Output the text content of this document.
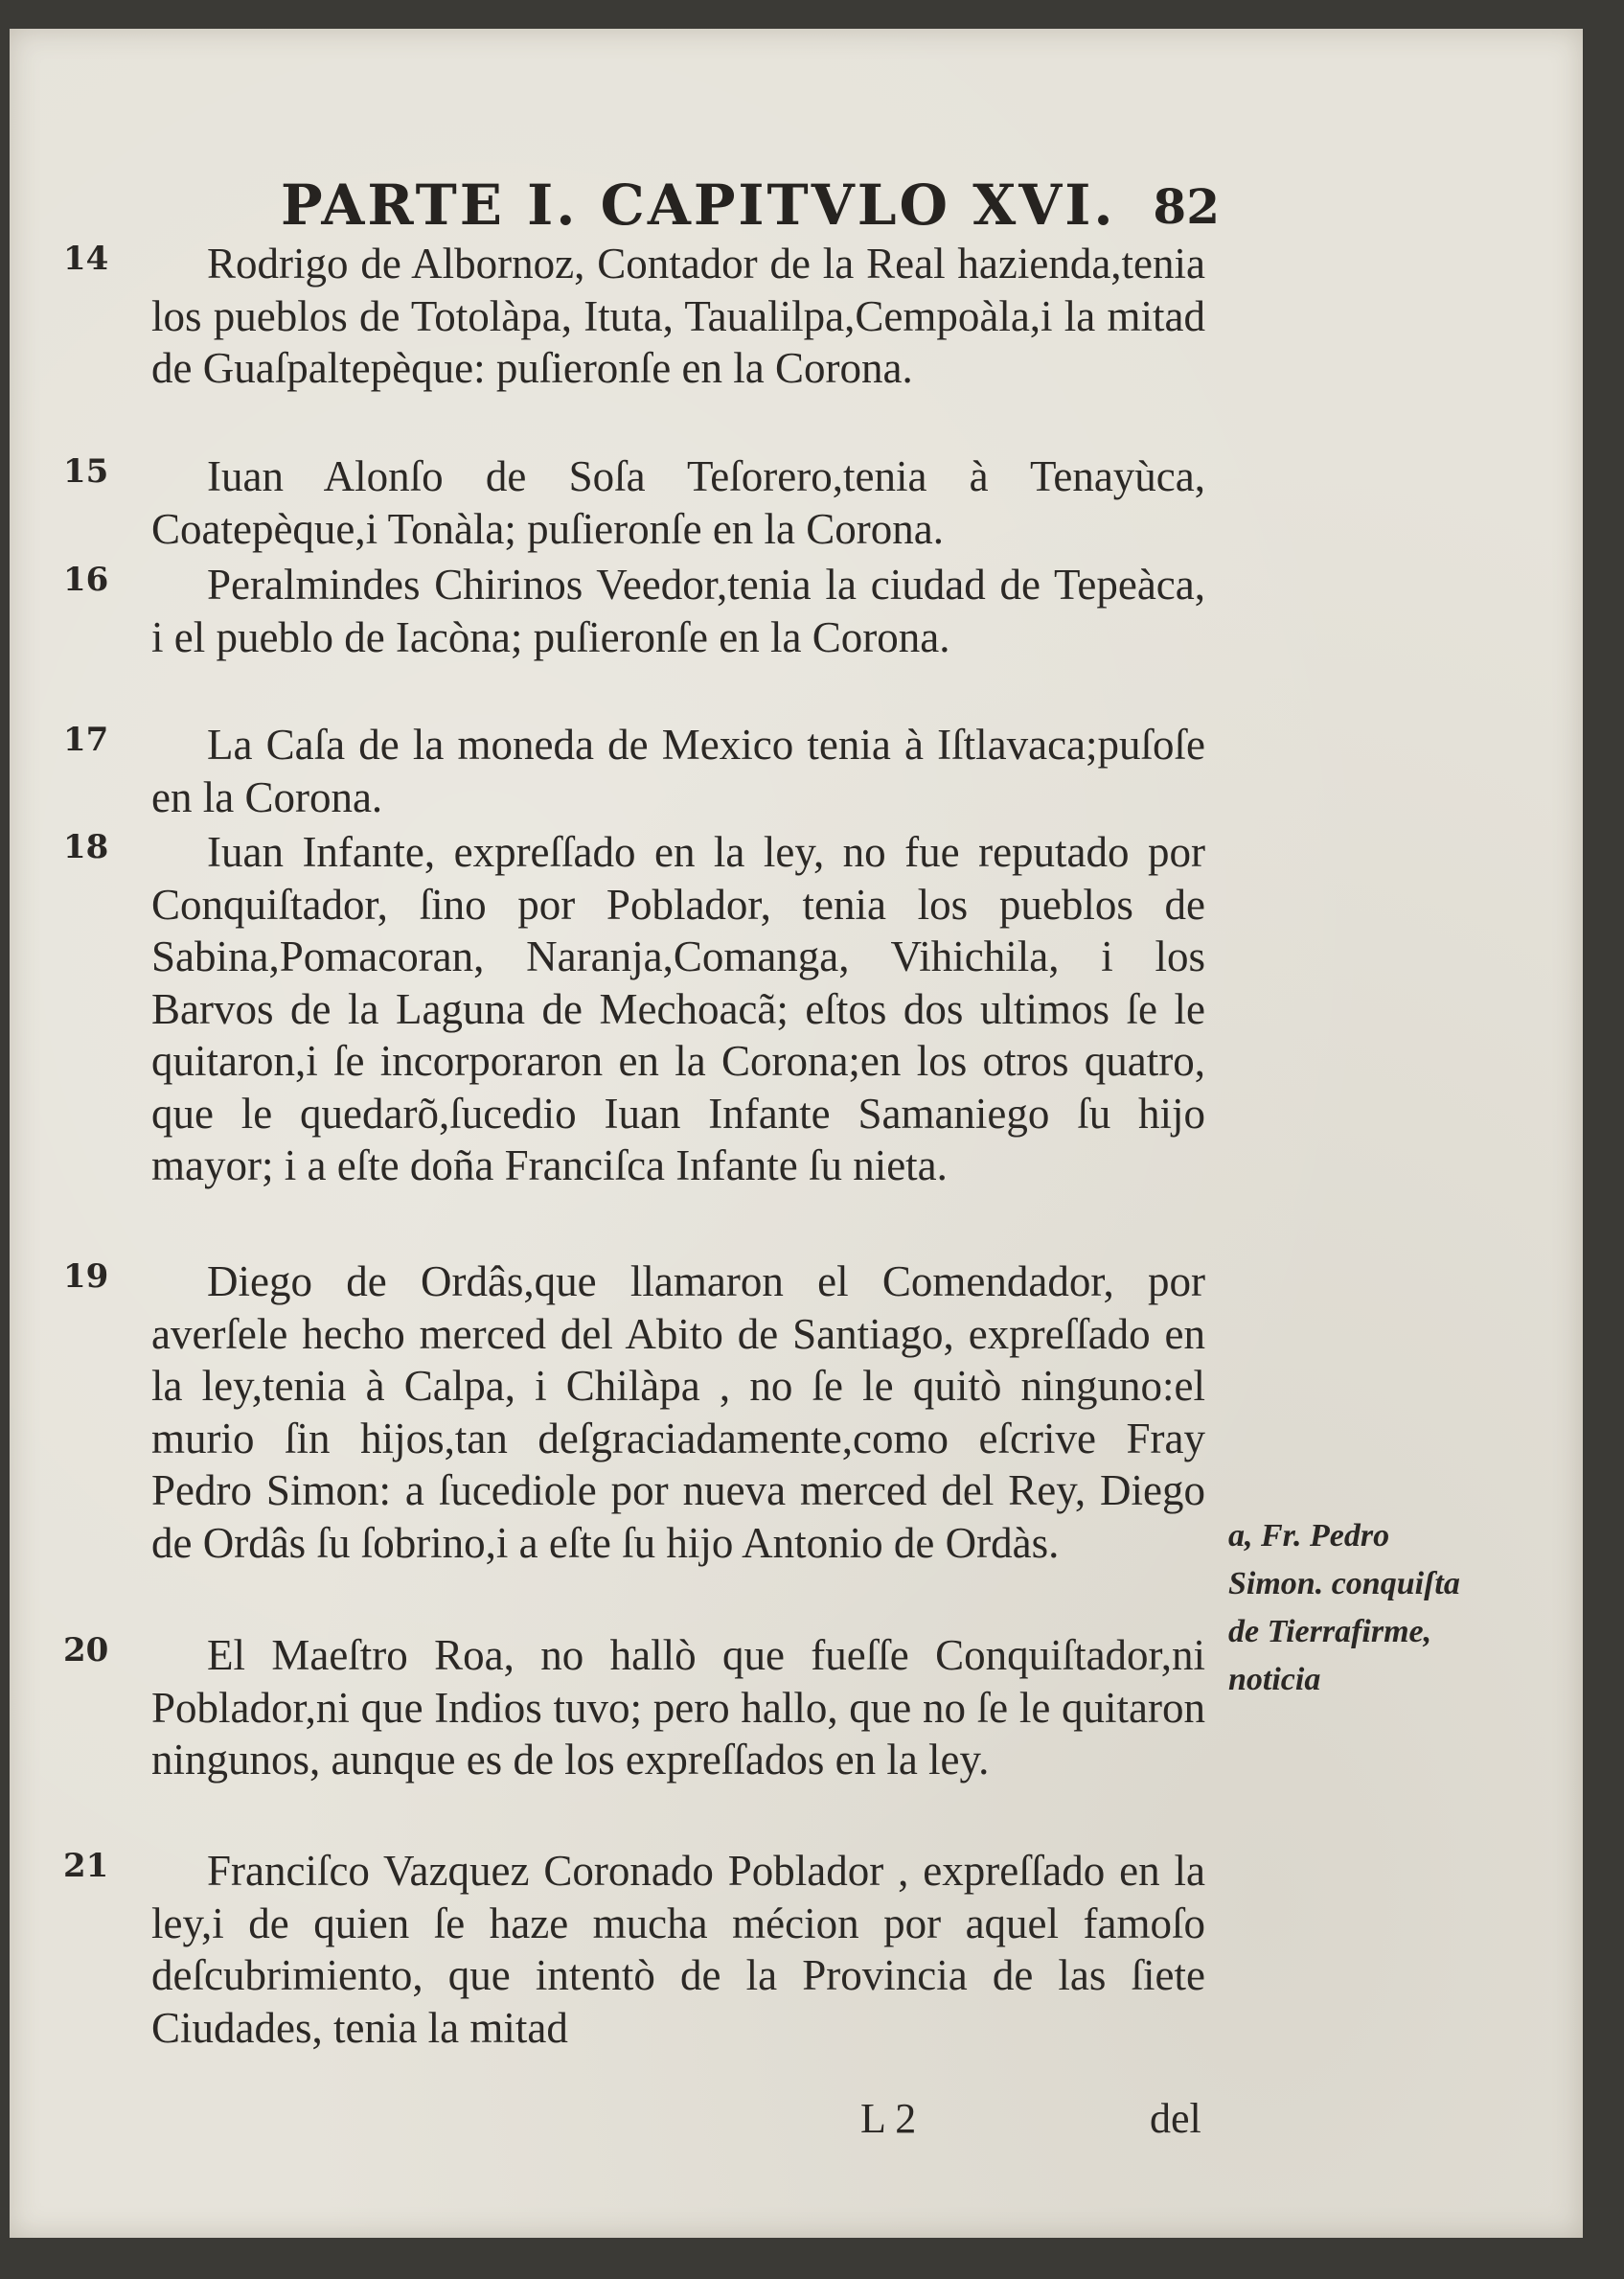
PARTE I. CAPITVLO XVI. 82
14	Rodrigo de Albornoz, Contador de la Real hazienda,tenia los pueblos de Totolàpa, Ituta, Taualilpa,Cempoàla,i la mitad de Guaſpaltepèque: puſieronſe en la Corona.

15	Iuan Alonſo de Soſa Teſorero,tenia à Tenayùca, Coatepèque,i Tonàla; puſieronſe en la Corona.

16	Peralmindes Chirinos Veedor,tenia la ciudad de Tepeàca, i el pueblo de Iacòna; puſieronſe en la Corona.

17	La Caſa de la moneda de Mexico tenia à Iſtlavaca;puſoſe en la Corona.

18	Iuan Infante, expreſſado en la ley, no fue reputado por Conquiſtador, ſino por Poblador, tenia los pueblos de Sabina,Pomacoran, Naranja,Comanga, Vihichila, i los Barvos de la Laguna de Mechoacã; eſtos dos ultimos ſe le quitaron,i ſe incorporaron en la Corona;en los otros quatro, que le quedarõ,ſucedio Iuan Infante Samaniego ſu hijo mayor; i a eſte doña Franciſca Infante ſu nieta.

19	Diego de Ordâs,que llamaron el Comendador, por averſele hecho merced del Abito de Santiago, expreſſado en la ley,tenia à Calpa, i Chilàpa , no ſe le quitò ninguno:el murio ſin hijos,tan deſgraciadamente,como eſcrive Fray Pedro Simon: a ſucediole por nueva merced del Rey, Diego de Ordâs ſu ſobrino,i a eſte ſu hijo Antonio de Ordàs.

20	El Maeſtro Roa, no hallò que fueſſe Conquiſtador,ni Poblador,ni que Indios tuvo; pero hallo, que no ſe le quitaron ningunos, aunque es de los expreſſados en la ley.

21	Franciſco Vazquez Coronado Poblador , expreſſado en la ley,i de quien ſe haze mucha mécion por aquel famoſo deſcubrimiento, que intentò de la Provincia de las ſiete Ciudades, tenia la mitad

a, Fr. Pedro Simon. conquiſta de Tierrafirme, noticia
L 2	del
